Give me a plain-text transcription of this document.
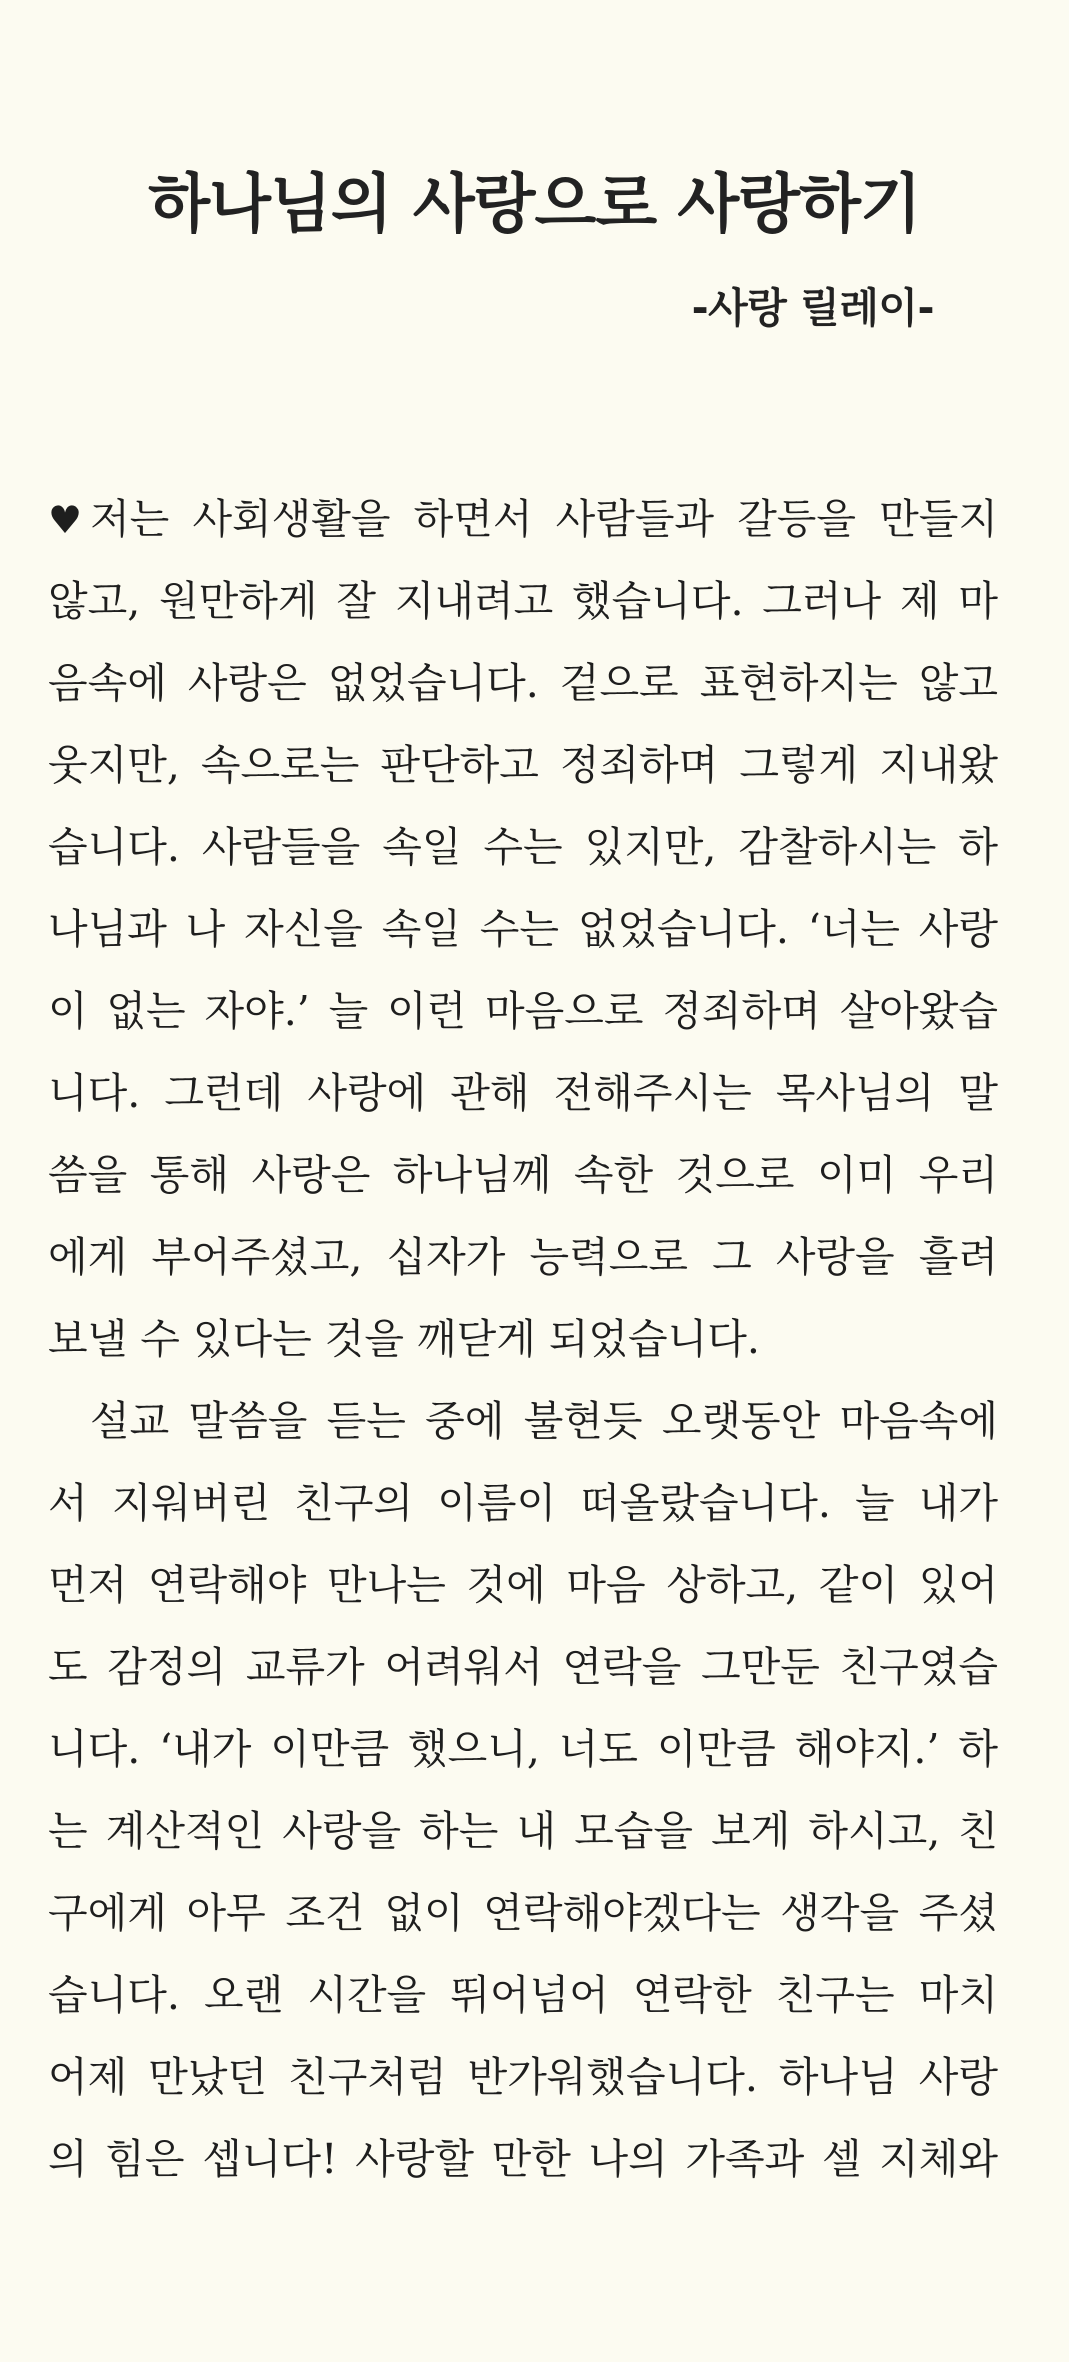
하나님의 사랑으로 사랑하기
-사랑 릴레이-
♥ 저는 사회생활을 하면서 사람들과 갈등을 만들지
않고, 원만하게 잘 지내려고 했습니다. 그러나 제 마
음속에 사랑은 없었습니다. 겉으로 표현하지는 않고
웃지만, 속으로는 판단하고 정죄하며 그렇게 지내왔
습니다. 사람들을 속일 수는 있지만, 감찰하시는 하
나님과 나 자신을 속일 수는 없었습니다. ‘너는 사랑
이 없는 자야.’ 늘 이런 마음으로 정죄하며 살아왔습
니다. 그런데 사랑에 관해 전해주시는 목사님의 말
씀을 통해 사랑은 하나님께 속한 것으로 이미 우리
에게 부어주셨고, 십자가 능력으로 그 사랑을 흘려
보낼 수 있다는 것을 깨닫게 되었습니다.
설교 말씀을 듣는 중에 불현듯 오랫동안 마음속에
서 지워버린 친구의 이름이 떠올랐습니다. 늘 내가
먼저 연락해야 만나는 것에 마음 상하고, 같이 있어
도 감정의 교류가 어려워서 연락을 그만둔 친구였습
니다. ‘내가 이만큼 했으니, 너도 이만큼 해야지.’ 하
는 계산적인 사랑을 하는 내 모습을 보게 하시고, 친
구에게 아무 조건 없이 연락해야겠다는 생각을 주셨
습니다. 오랜 시간을 뛰어넘어 연락한 친구는 마치
어제 만났던 친구처럼 반가워했습니다. 하나님 사랑
의 힘은 셉니다! 사랑할 만한 나의 가족과 셀 지체와
